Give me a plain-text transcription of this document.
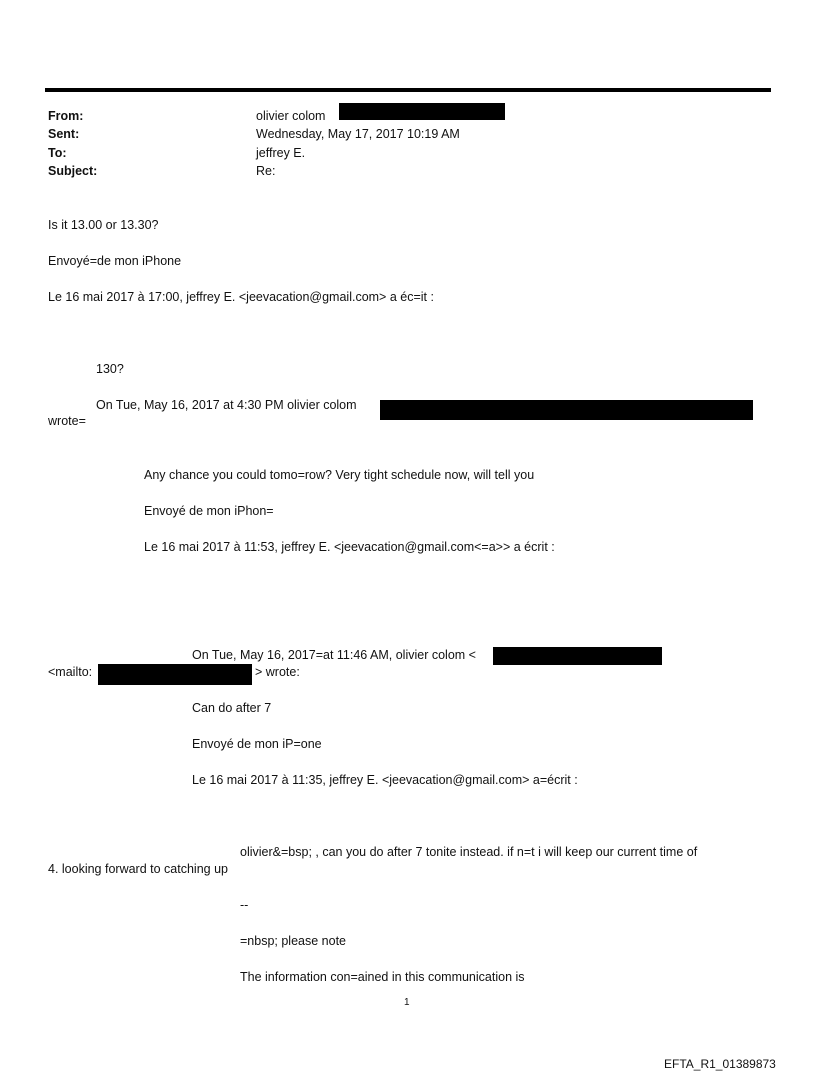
From:	olivier colom
Sent:	Wednesday, May 17, 2017 10:19 AM
To:	jeffrey E.
Subject:	Re:
Is it 13.00 or 13.30?
Envoyé=de mon iPhone
Le 16 mai 2017 à 17:00, jeffrey E. <jeevacation@gmail.com> a éc=it :
130?
On Tue, May 16, 2017 at 4:30 PM olivier colom
wrote=
Any chance you could tomo=row? Very tight schedule now, will tell you
Envoyé de mon iPhon=
Le 16 mai 2017 à 11:53, jeffrey E. <jeevacation@gmail.com<=a>> a écrit :
On Tue, May 16, 2017=at 11:46 AM, olivier colom <
<mailto:	> wrote:
Can do after 7
Envoyé de mon iP=one
Le 16 mai 2017 à 11:35, jeffrey E. <jeevacation@gmail.com> a=écrit :
olivier&=bsp; , can you do after 7 tonite instead. if n=t i will keep our current time of
4. looking forward to catching up
--
=nbsp; please note
The information con=ained in this communication is
1
EFTA_R1_01389873
